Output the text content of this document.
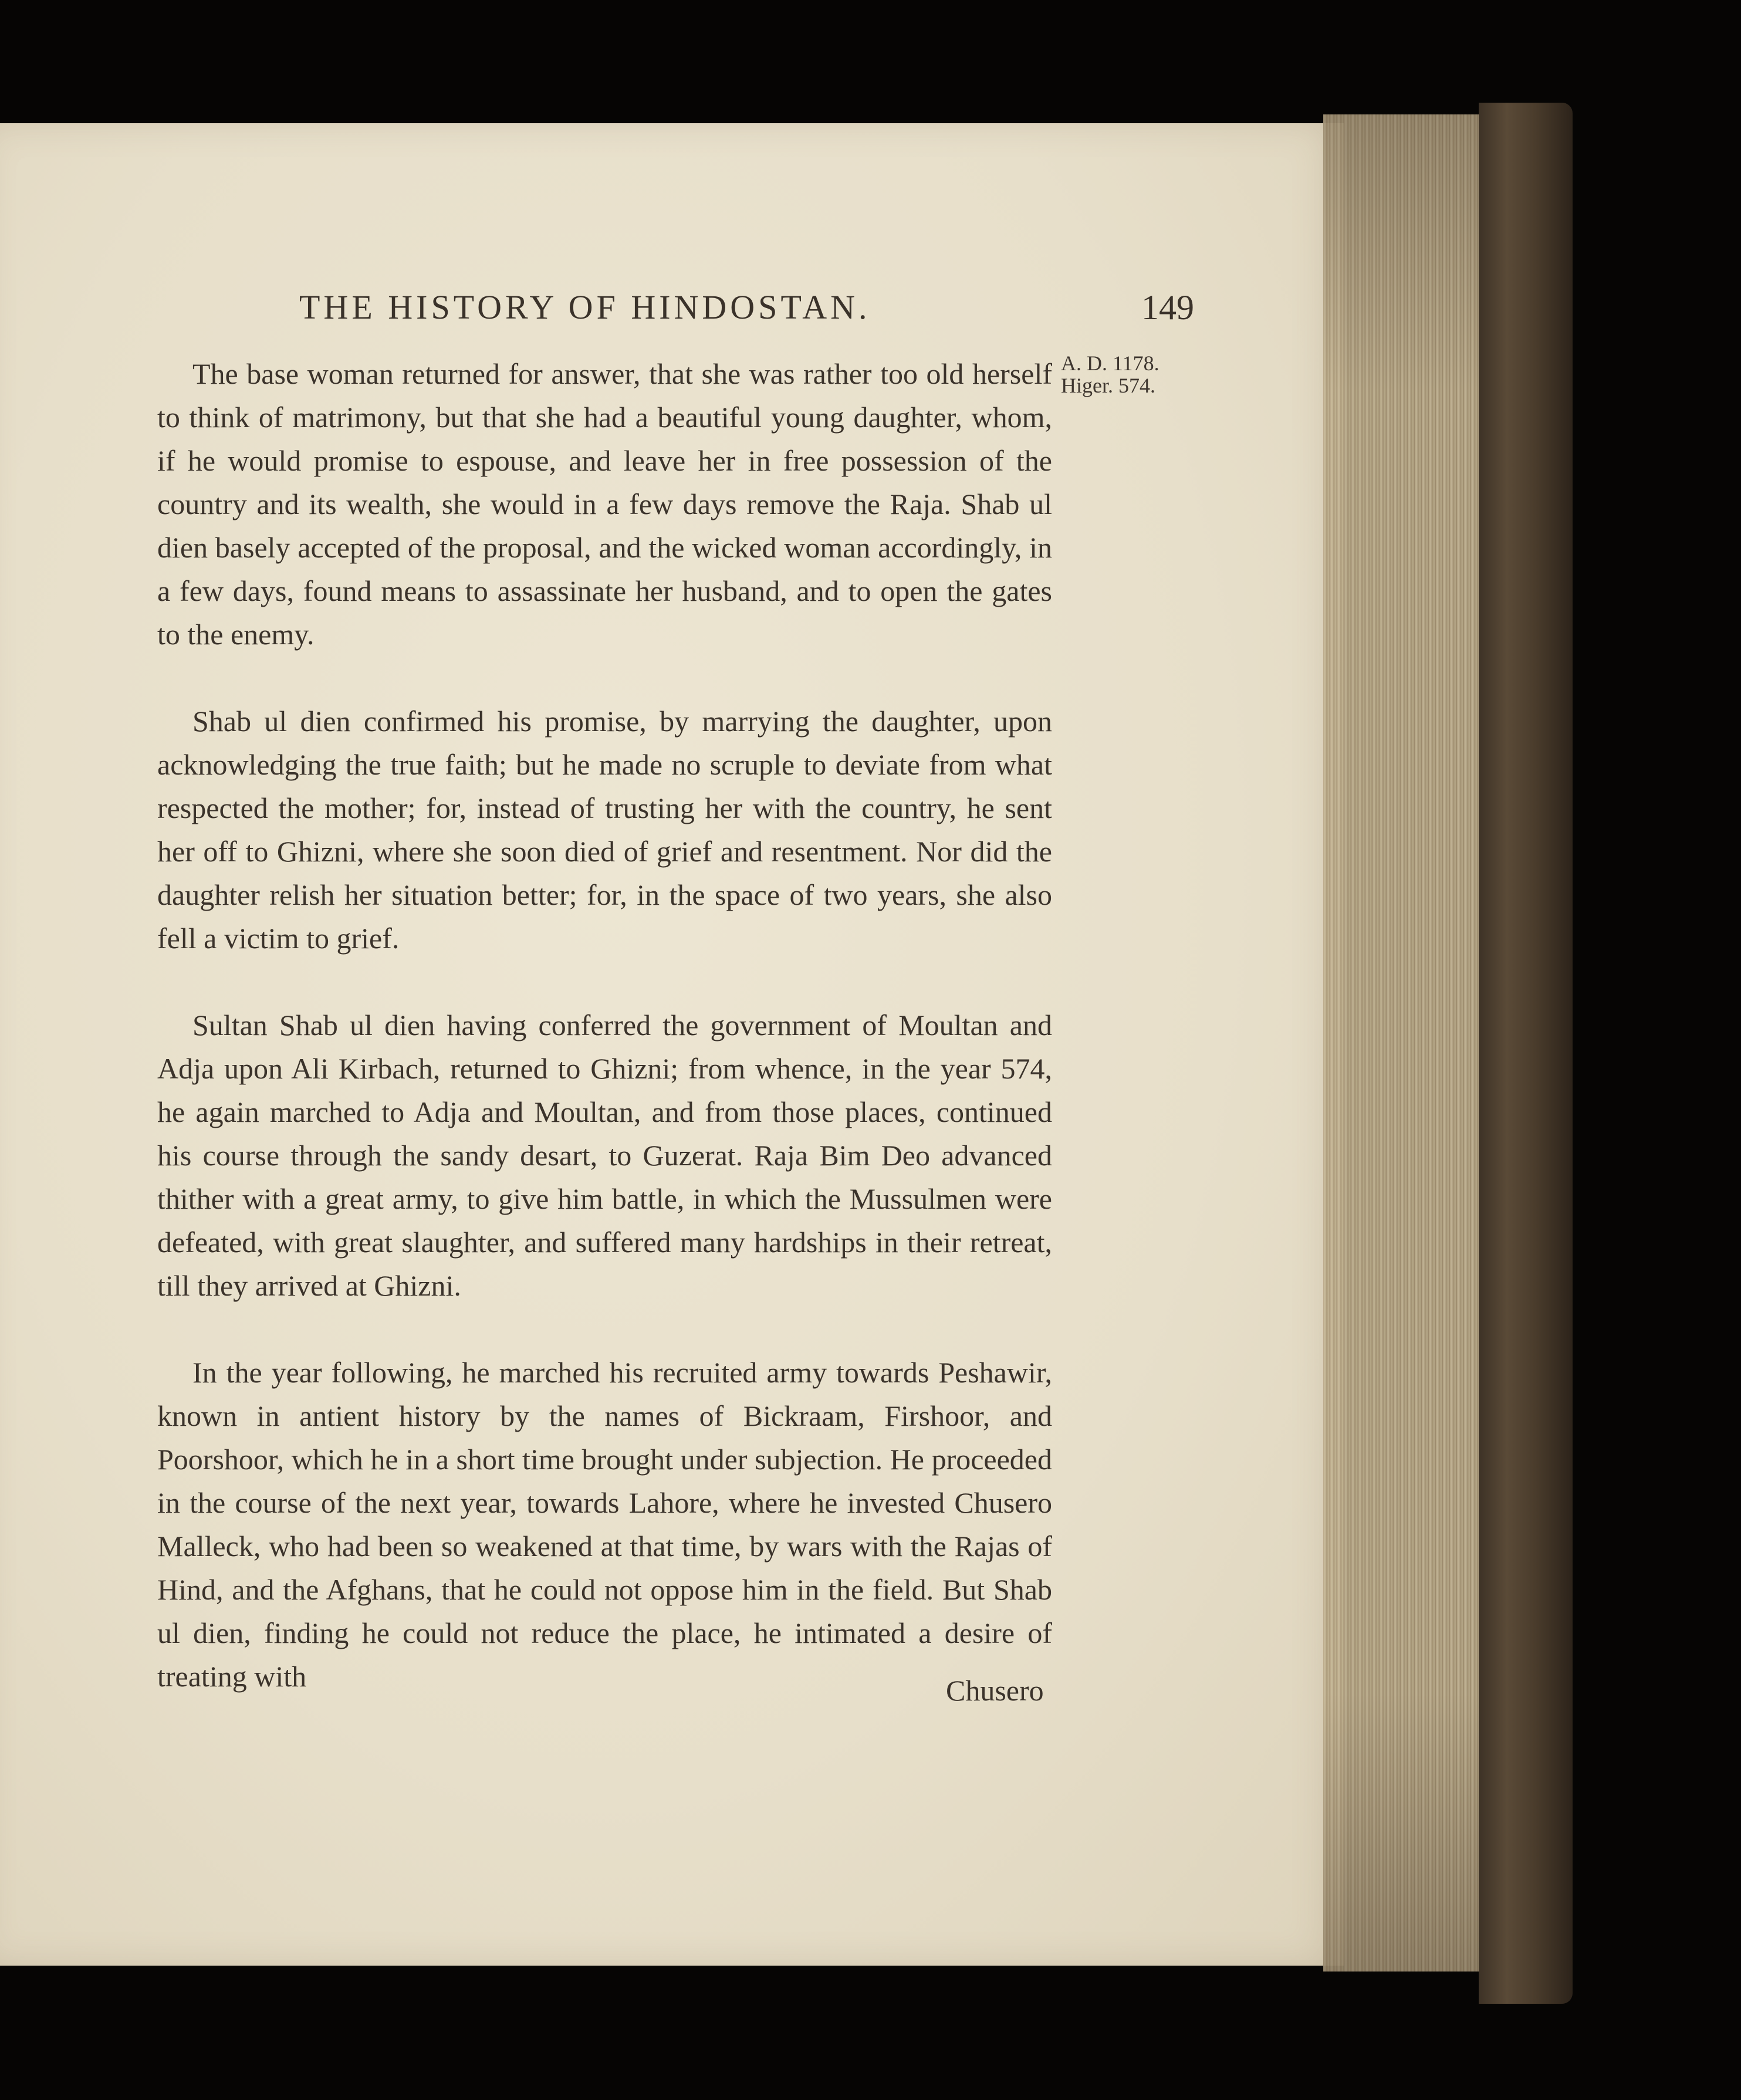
THE HISTORY OF HINDOSTAN.	149
A. D. 1178.
Higer. 574.

The base woman returned for answer, that she was rather too old herself to think of matrimony, but that she had a beautiful young daughter, whom, if he would promise to espouse, and leave her in free possession of the country and its wealth, she would in a few days remove the Raja. Shab ul dien basely accepted of the proposal, and the wicked woman accordingly, in a few days, found means to assassinate her husband, and to open the gates to the enemy.

Shab ul dien confirmed his promise, by marrying the daughter, upon acknowledging the true faith; but he made no scruple to deviate from what respected the mother; for, instead of trusting her with the country, he sent her off to Ghizni, where she soon died of grief and resentment. Nor did the daughter relish her situation better; for, in the space of two years, she also fell a victim to grief.

Sultan Shab ul dien having conferred the government of Moultan and Adja upon Ali Kirbach, returned to Ghizni; from whence, in the year 574, he again marched to Adja and Moultan, and from those places, continued his course through the sandy desart, to Guzerat. Raja Bim Deo advanced thither with a great army, to give him battle, in which the Mussulmen were defeated, with great slaughter, and suffered many hardships in their retreat, till they arrived at Ghizni.

In the year following, he marched his recruited army towards Peshawir, known in antient history by the names of Bickraam, Firshoor, and Poorshoor, which he in a short time brought under subjection. He proceeded in the course of the next year, towards Lahore, where he invested Chusero Malleck, who had been so weakened at that time, by wars with the Rajas of Hind, and the Afghans, that he could not oppose him in the field. But Shab ul dien, finding he could not reduce the place, he intimated a desire of treating with	Chusero
